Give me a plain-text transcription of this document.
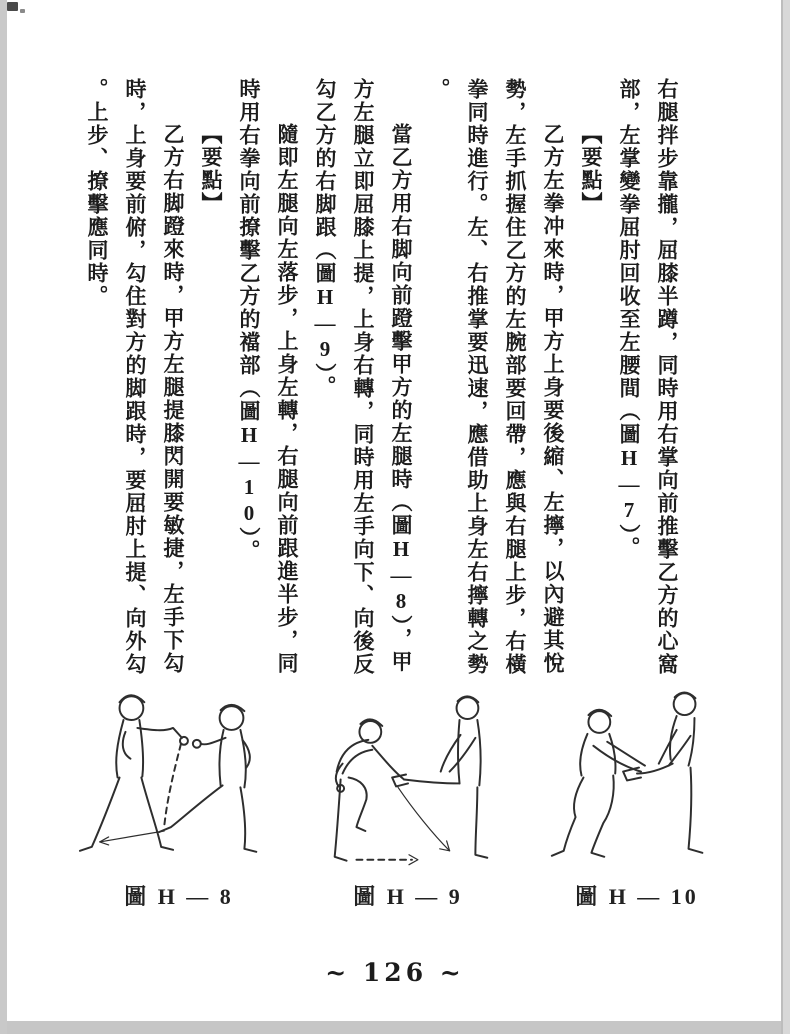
右腿拌步靠攏，屈膝半蹲，同時用右掌向前推擊乙方的心窩
部，左掌變拳屈肘回收至左腰間（圖H—7）。
【要點】
乙方左拳冲來時，甲方上身要後縮、左擰，以內避其悅
勢，左手抓握住乙方的左腕部要回帶，應與右腿上步，右橫
拳同時進行。左、右推掌要迅速，應借助上身左右擰轉之勢
。
當乙方用右脚向前蹬擊甲方的左腿時（圖H—8），甲
方左腿立即屈膝上提，上身右轉，同時用左手向下、向後反
勾乙方的右脚跟（圖H—9）。
隨即左腿向左落步，上身左轉，右腿向前跟進半步，同
時用右拳向前撩擊乙方的襠部（圖H—10）。
【要點】
乙方右脚蹬來時，甲方左腿提膝閃開要敏捷，左手下勾
時，上身要前俯，勾住對方的脚跟時，要屈肘上提、向外勾
。上步、撩擊應同時。
圖 H — 8	圖 H — 9	圖 H — 10
~ 126 ~
